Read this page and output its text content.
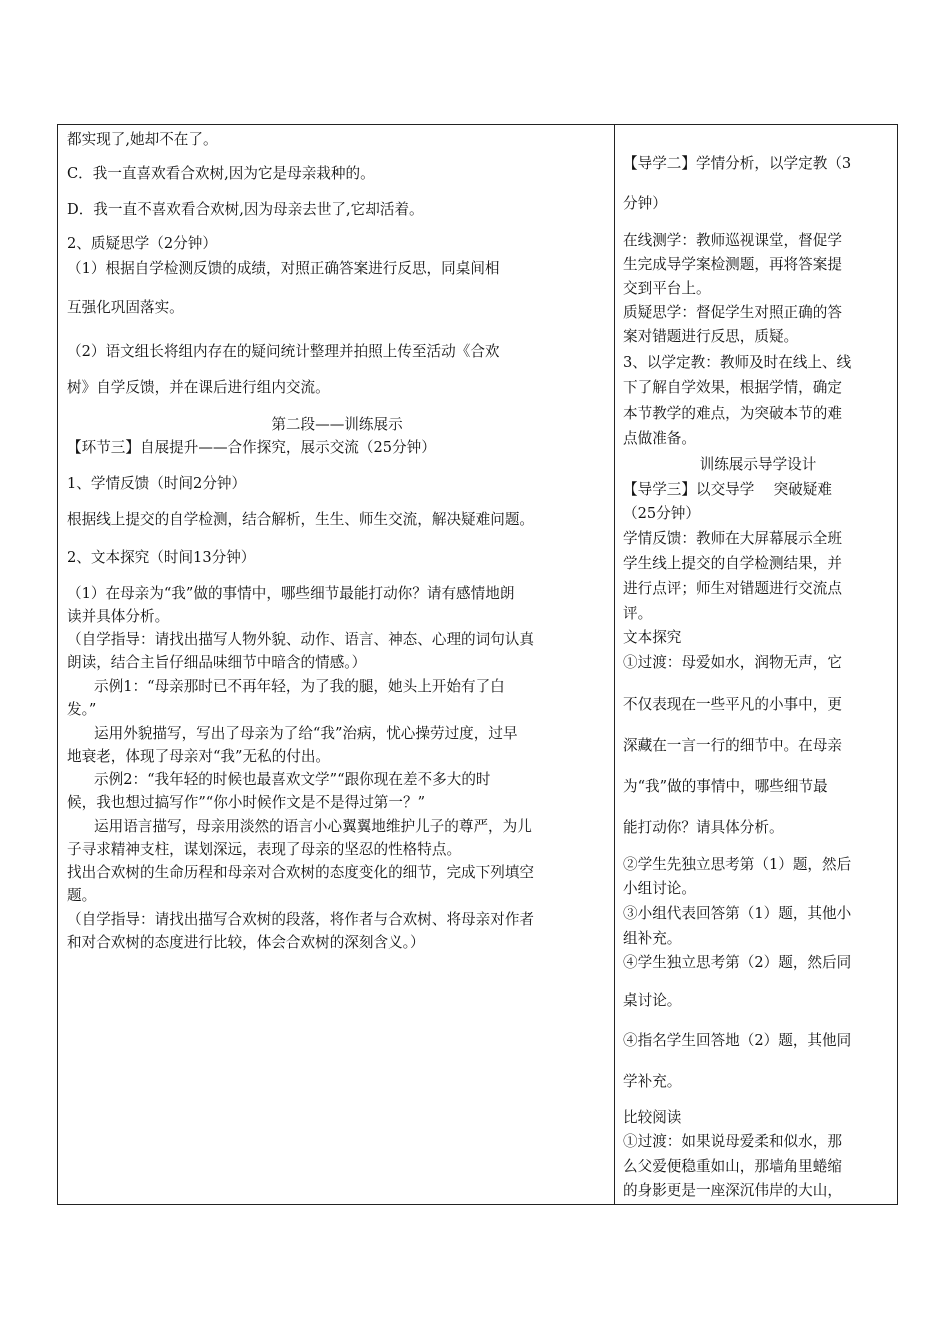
都实现了,她却不在了。
C．我一直喜欢看合欢树,因为它是母亲栽种的。
D．我一直不喜欢看合欢树,因为母亲去世了,它却活着。
2、质疑思学（2分钟）
（1）根据自学检测反馈的成绩，对照正确答案进行反思，同桌间相
互强化巩固落实。
（2）语文组长将组内存在的疑问统计整理并拍照上传至活动《合欢
树》自学反馈，并在课后进行组内交流。
第二段——训练展示
【环节三】自展提升——合作探究，展示交流（25分钟）
1、学情反馈（时间2分钟）
根据线上提交的自学检测，结合解析，生生、师生交流，解决疑难问题。
2、文本探究（时间13分钟）
（1）在母亲为“我”做的事情中，哪些细节最能打动你？请有感情地朗
读并具体分析。
（自学指导：请找出描写人物外貌、动作、语言、神态、心理的词句认真
朗读，结合主旨仔细品味细节中暗含的情感。）
示例1：“母亲那时已不再年轻，为了我的腿，她头上开始有了白
发。”
运用外貌描写，写出了母亲为了给“我”治病，忧心操劳过度，过早
地衰老，体现了母亲对“我”无私的付出。
示例2：“我年轻的时候也最喜欢文学”“跟你现在差不多大的时
候，我也想过搞写作”“你小时候作文是不是得过第一？”
运用语言描写，母亲用淡然的语言小心翼翼地维护儿子的尊严，为儿
子寻求精神支柱，谋划深远，表现了母亲的坚忍的性格特点。
找出合欢树的生命历程和母亲对合欢树的态度变化的细节，完成下列填空
题。
（自学指导：请找出描写合欢树的段落，将作者与合欢树、将母亲对作者
和对合欢树的态度进行比较，体会合欢树的深刻含义。）
【导学二】学情分析，以学定教（3
分钟）
在线测学：教师巡视课堂，督促学
生完成导学案检测题，再将答案提
交到平台上。
质疑思学：督促学生对照正确的答
案对错题进行反思，质疑。
3、以学定教：教师及时在线上、线
下了解自学效果，根据学情，确定
本节教学的难点，为突破本节的难
点做准备。
训练展示导学设计
【导学三】以交导学　 突破疑难
（25分钟）
学情反馈：教师在大屏幕展示全班
学生线上提交的自学检测结果，并
进行点评；师生对错题进行交流点
评。
文本探究
①过渡：母爱如水，润物无声，它
不仅表现在一些平凡的小事中，更
深藏在一言一行的细节中。在母亲
为“我”做的事情中，哪些细节最
能打动你？请具体分析。
②学生先独立思考第（1）题，然后
小组讨论。
③小组代表回答第（1）题，其他小
组补充。
④学生独立思考第（2）题，然后同
桌讨论。
④指名学生回答地（2）题，其他同
学补充。
比较阅读
①过渡：如果说母爱柔和似水，那
么父爱便稳重如山，那墙角里蜷缩
的身影更是一座深沉伟岸的大山，
